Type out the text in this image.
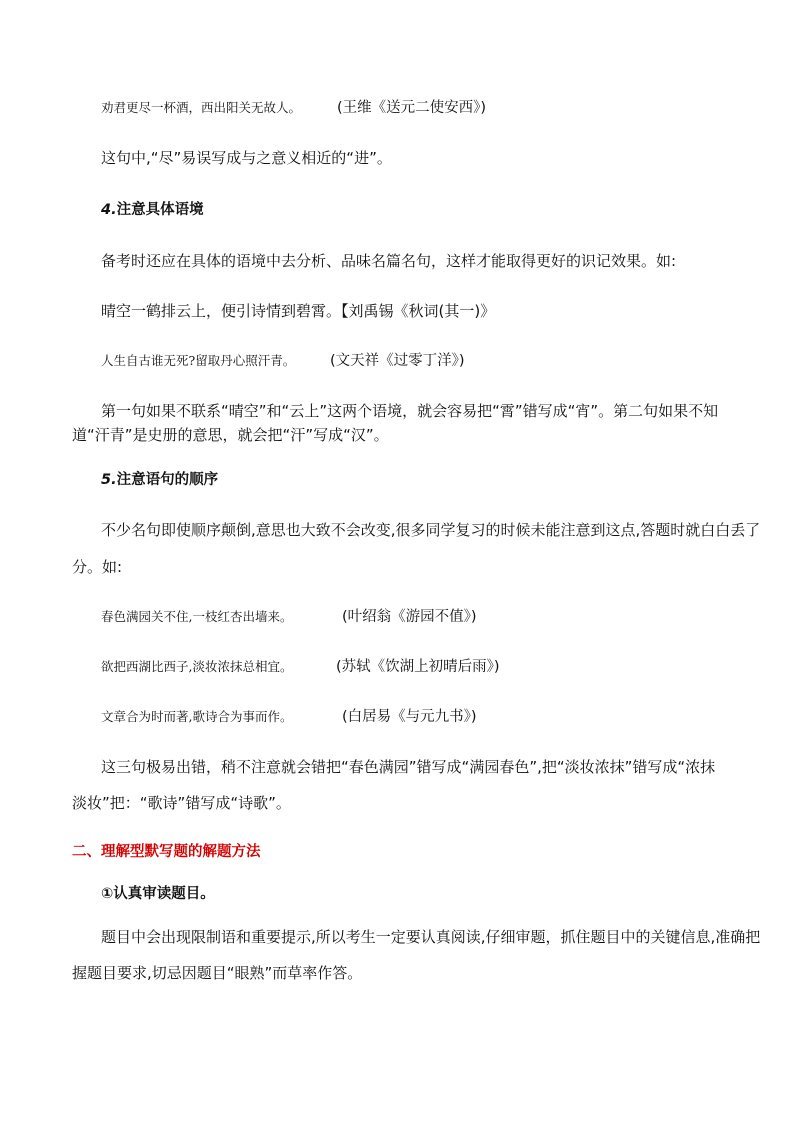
劝君更尽一杯酒，西出阳关无故人。 (王维《送元二使安西》)
这句中,“尽”易误写成与之意义相近的“进”。
4.注意具体语境
备考时还应在具体的语境中去分析、品味名篇名句，这样才能取得更好的识记效果。如:
晴空一鹤排云上，便引诗情到碧霄。【刘禹锡《秋词(其一)》
人生自古谁无死?留取丹心照汗青。 (文天祥《过零丁洋》)
第一句如果不联系“晴空”和“云上”这两个语境，就会容易把“霄”错写成“宵”。第二句如果不知
道“汗青”是史册的意思，就会把“汗”写成“汉”。
5.注意语句的顺序
不少名句即使顺序颠倒,意思也大致不会改变,很多同学复习的时候未能注意到这点,答题时就白白丢了
分。如:
春色满园关不住,一枝红杏出墙来。	(叶绍翁《游园不值》)
欲把西湖比西子,淡妆浓抹总相宜。	(苏轼《饮湖上初晴后雨》)
文章合为时而著,歌诗合为事而作。	(白居易《与元九书》)
这三句极易出错，稍不注意就会错把“春色满园”错写成“满园春色”,把“淡妆浓抹”错写成“浓抹
淡妆”把：“歌诗”错写成“诗歌”。
二、理解型默写题的解题方法
①认真审读题目。
题目中会出现限制语和重要提示,所以考生一定要认真阅读,仔细审题，抓住题目中的关键信息,准确把
握题目要求,切忌因题目“眼熟”而草率作答。
